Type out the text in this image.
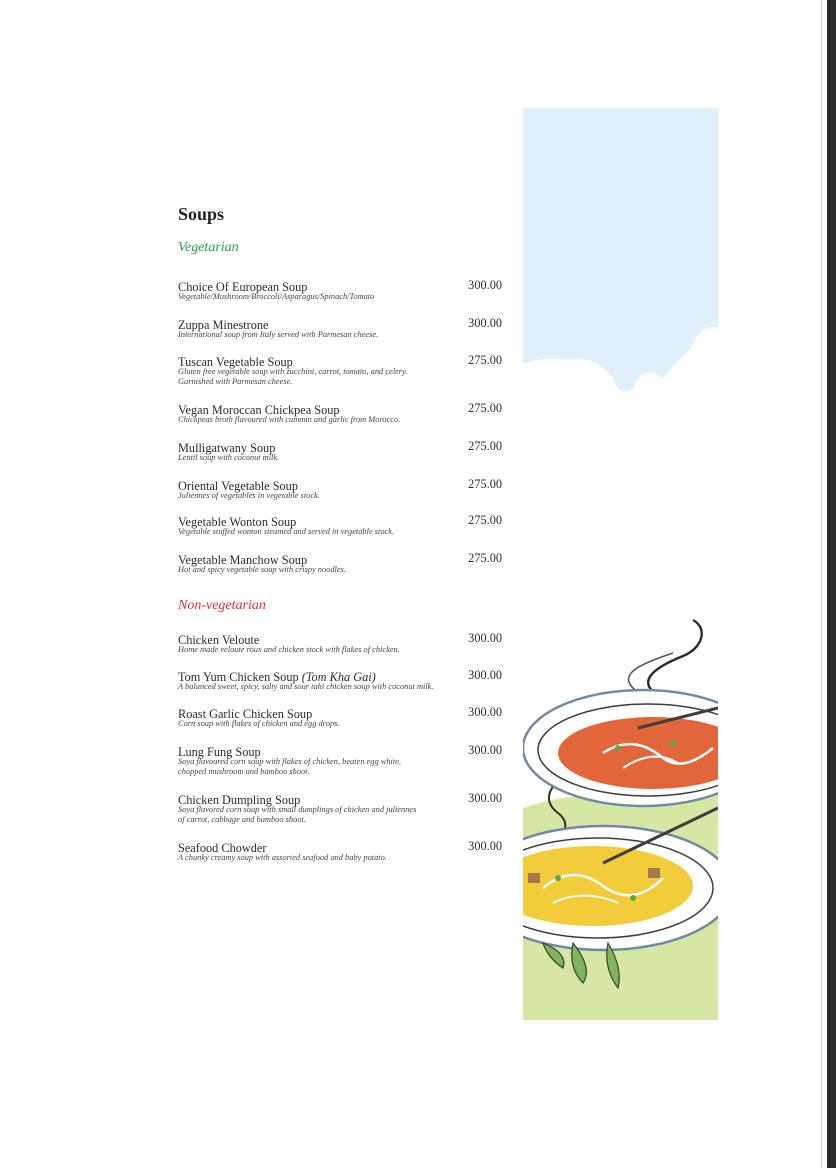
Soups
Vegetarian
Choice Of European Soup	300.00
Vegetable/Mushroom/Broccoli/Asparagus/Spinach/Tomato
Zuppa Minestrone	300.00
International soup from Italy served with Parmesan cheese.
Tuscan Vegetable Soup	275.00
Gluten free vegetable soup with zucchini, carrot, tomato, and celery.
Garnished with Parmesan cheese.
Vegan Moroccan Chickpea Soup	275.00
Chickpeas broth flavoured with cummin and garlic from Morocco.
Mulligatwany Soup	275.00
Lentil soup with coconut milk.
Oriental Vegetable Soup	275.00
Juliennes of vegetables in vegetable stock.
Vegetable Wonton Soup	275.00
Vegetable stuffed wonton steamed and served in vegetable stock.
Vegetable Manchow Soup	275.00
Hot and spicy vegetable soup with crispy noodles.
Non-vegetarian
Chicken Veloute	300.00
Home made veloute roux and chicken stock with flakes of chicken.
Tom Yum Chicken Soup (Tom Kha Gai)	300.00
A balanced sweet, spicy, salty and sour tahi chicken soup with coconut milk.
Roast Garlic Chicken Soup	300.00
Corn soup with flakes of chicken and egg drops.
Lung Fung Soup	300.00
Soya flavoured corn soup with flakes of chicken, beaten egg white,
chopped mushroom and bamboo shoot.
Chicken Dumpling Soup	300.00
Soya flavored corn soup with small dumplings of chicken and juliennes
of carrot, cabbage and bamboo shoot.
Seafood Chowder	300.00
A chunky creamy soup with assorted seafood and baby potato.
